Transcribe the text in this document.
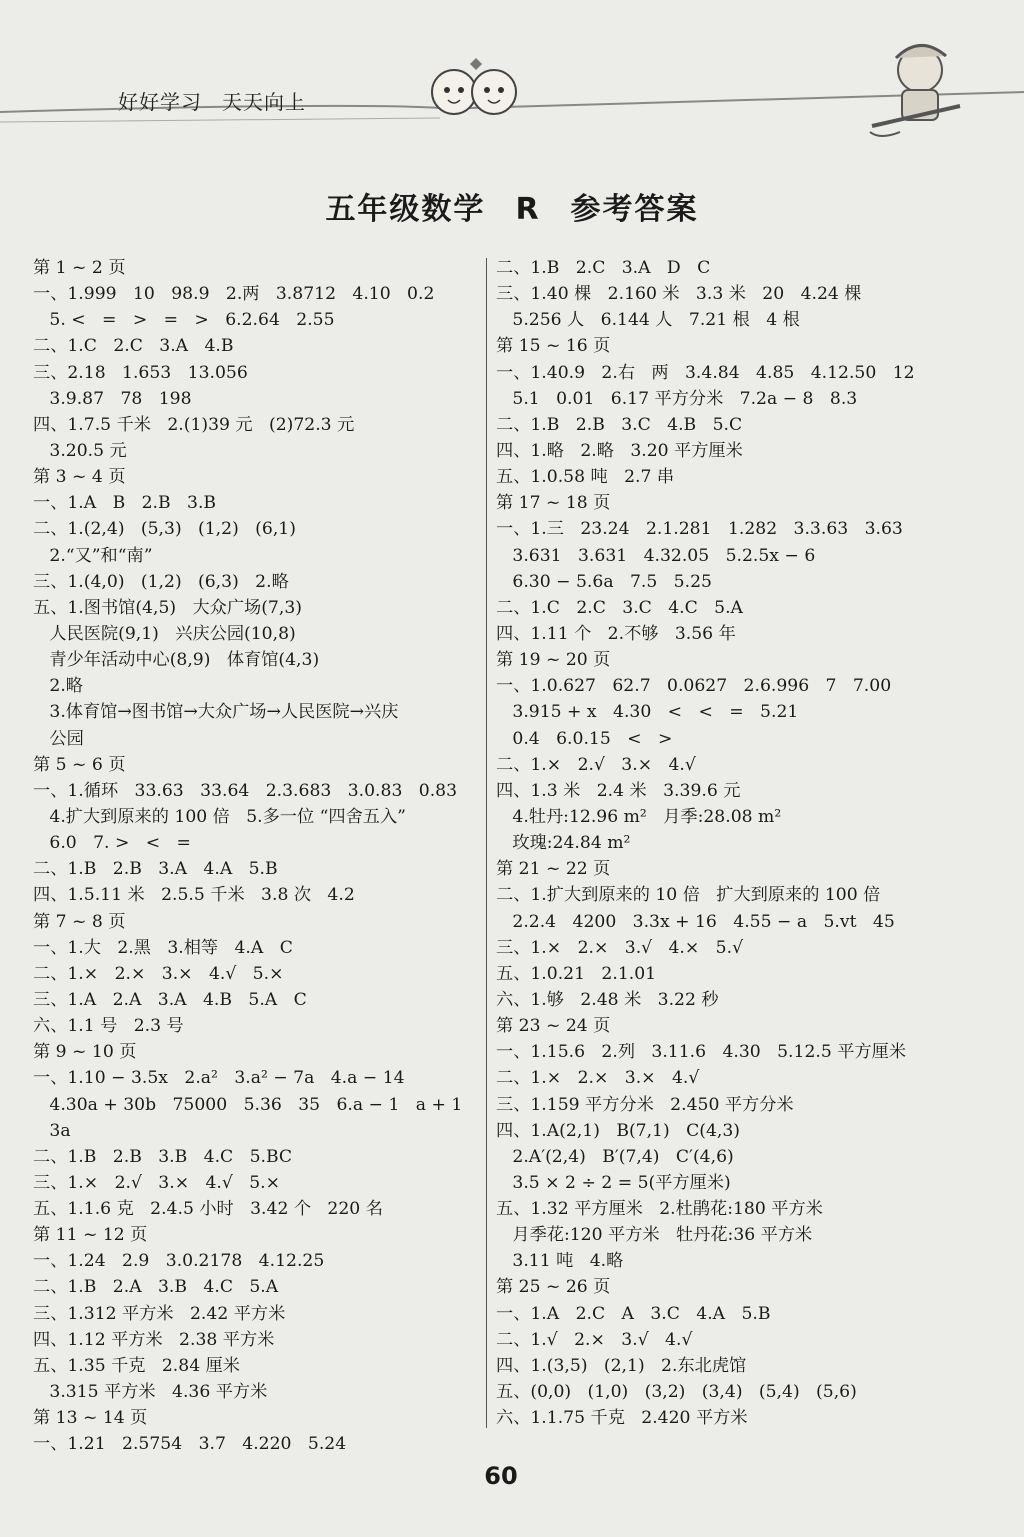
好好学习 天天向上
五年级数学 R 参考答案
第 1 ~ 2 页
一、1.999   10   98.9   2.两   3.8712   4.10   0.2
5. <   =   >   =   >   6.2.64   2.55
二、1.C   2.C   3.A   4.B
三、2.18   1.653   13.056
3.9.87   78   198
四、1.7.5 千米   2.(1)39 元   (2)72.3 元
3.20.5 元
第 3 ~ 4 页
一、1.A   B   2.B   3.B
二、1.(2,4)   (5,3)   (1,2)   (6,1)
2.“又”和“南”
三、1.(4,0)   (1,2)   (6,3)   2.略
五、1.图书馆(4,5)   大众广场(7,3)
人民医院(9,1)   兴庆公园(10,8)
青少年活动中心(8,9)   体育馆(4,3)
2.略
3.体育馆→图书馆→大众广场→人民医院→兴庆
公园
第 5 ~ 6 页
一、1.循环   33.63   33.64   2.3.683   3.0.83   0.83
4.扩大到原来的 100 倍   5.多一位 “四舍五入”
6.0   7. >   <   =
二、1.B   2.B   3.A   4.A   5.B
四、1.5.11 米   2.5.5 千米   3.8 次   4.2
第 7 ~ 8 页
一、1.大   2.黑   3.相等   4.A   C
二、1.×   2.×   3.×   4.√   5.×
三、1.A   2.A   3.A   4.B   5.A   C
六、1.1 号   2.3 号
第 9 ~ 10 页
一、1.10 − 3.5x   2.a²   3.a² − 7a   4.a − 14
4.30a + 30b   75000   5.36   35   6.a − 1   a + 1
3a
二、1.B   2.B   3.B   4.C   5.BC
三、1.×   2.√   3.×   4.√   5.×
五、1.1.6 克   2.4.5 小时   3.42 个   220 名
第 11 ~ 12 页
一、1.24   2.9   3.0.2178   4.12.25
二、1.B   2.A   3.B   4.C   5.A
三、1.312 平方米   2.42 平方米
四、1.12 平方米   2.38 平方米
五、1.35 千克   2.84 厘米
3.315 平方米   4.36 平方米
第 13 ~ 14 页
一、1.21   2.5754   3.7   4.220   5.24
二、1.B   2.C   3.A   D   C
三、1.40 棵   2.160 米   3.3 米   20   4.24 棵
5.256 人   6.144 人   7.21 根   4 根
第 15 ~ 16 页
一、1.40.9   2.右   两   3.4.84   4.85   4.12.50   12
5.1   0.01   6.17 平方分米   7.2a − 8   8.3
二、1.B   2.B   3.C   4.B   5.C
四、1.略   2.略   3.20 平方厘米
五、1.0.58 吨   2.7 串
第 17 ~ 18 页
一、1.三   23.24   2.1.281   1.282   3.3.63   3.63
3.631   3.631   4.32.05   5.2.5x − 6
6.30 − 5.6a   7.5   5.25
二、1.C   2.C   3.C   4.C   5.A
四、1.11 个   2.不够   3.56 年
第 19 ~ 20 页
一、1.0.627   62.7   0.0627   2.6.996   7   7.00
3.915 + x   4.30   <   <   =   5.21
0.4   6.0.15   <   >
二、1.×   2.√   3.×   4.√
四、1.3 米   2.4 米   3.39.6 元
4.牡丹:12.96 m²   月季:28.08 m²
玫瑰:24.84 m²
第 21 ~ 22 页
二、1.扩大到原来的 10 倍   扩大到原来的 100 倍
2.2.4   4200   3.3x + 16   4.55 − a   5.vt   45
三、1.×   2.×   3.√   4.×   5.√
五、1.0.21   2.1.01
六、1.够   2.48 米   3.22 秒
第 23 ~ 24 页
一、1.15.6   2.列   3.11.6   4.30   5.12.5 平方厘米
二、1.×   2.×   3.×   4.√
三、1.159 平方分米   2.450 平方分米
四、1.A(2,1)   B(7,1)   C(4,3)
2.A′(2,4)   B′(7,4)   C′(4,6)
3.5 × 2 ÷ 2 = 5(平方厘米)
五、1.32 平方厘米   2.杜鹃花:180 平方米
月季花:120 平方米   牡丹花:36 平方米
3.11 吨   4.略
第 25 ~ 26 页
一、1.A   2.C   A   3.C   4.A   5.B
二、1.√   2.×   3.√   4.√
四、1.(3,5)   (2,1)   2.东北虎馆
五、(0,0)   (1,0)   (3,2)   (3,4)   (5,4)   (5,6)
六、1.1.75 千克   2.420 平方米
60
